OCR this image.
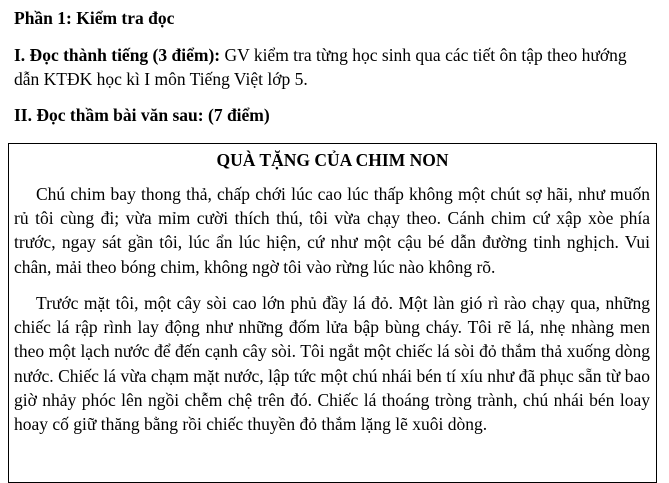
Phần 1: Kiểm tra đọc
I. Đọc thành tiếng (3 điểm): GV kiểm tra từng học sinh qua các tiết ôn tập theo hướng dẫn KTĐK học kì I môn Tiếng Việt lớp 5.
II. Đọc thầm bài văn sau: (7 điểm)
QUÀ TẶNG CỦA CHIM NON
Chú chim bay thong thả, chấp chới lúc cao lúc thấp không một chút sợ hãi, như muốn rủ tôi cùng đi; vừa mỉm cười thích thú, tôi vừa chạy theo. Cánh chim cứ xập xòe phía trước, ngay sát gần tôi, lúc ẩn lúc hiện, cứ như một cậu bé dẫn đường tinh nghịch. Vui chân, mải theo bóng chim, không ngờ tôi vào rừng lúc nào không rõ.
Trước mặt tôi, một cây sòi cao lớn phủ đầy lá đỏ. Một làn gió rì rào chạy qua, những chiếc lá rập rình lay động như những đốm lửa bập bùng cháy. Tôi rẽ lá, nhẹ nhàng men theo một lạch nước để đến cạnh cây sòi. Tôi ngắt một chiếc lá sòi đỏ thắm thả xuống dòng nước. Chiếc lá vừa chạm mặt nước, lập tức một chú nhái bén tí xíu như đã phục sẵn từ bao giờ nhảy phóc lên ngồi chễm chệ trên đó. Chiếc lá thoáng tròng trành, chú nhái bén loay hoay cố giữ thăng bằng rồi chiếc thuyền đỏ thắm lặng lẽ xuôi dòng.
